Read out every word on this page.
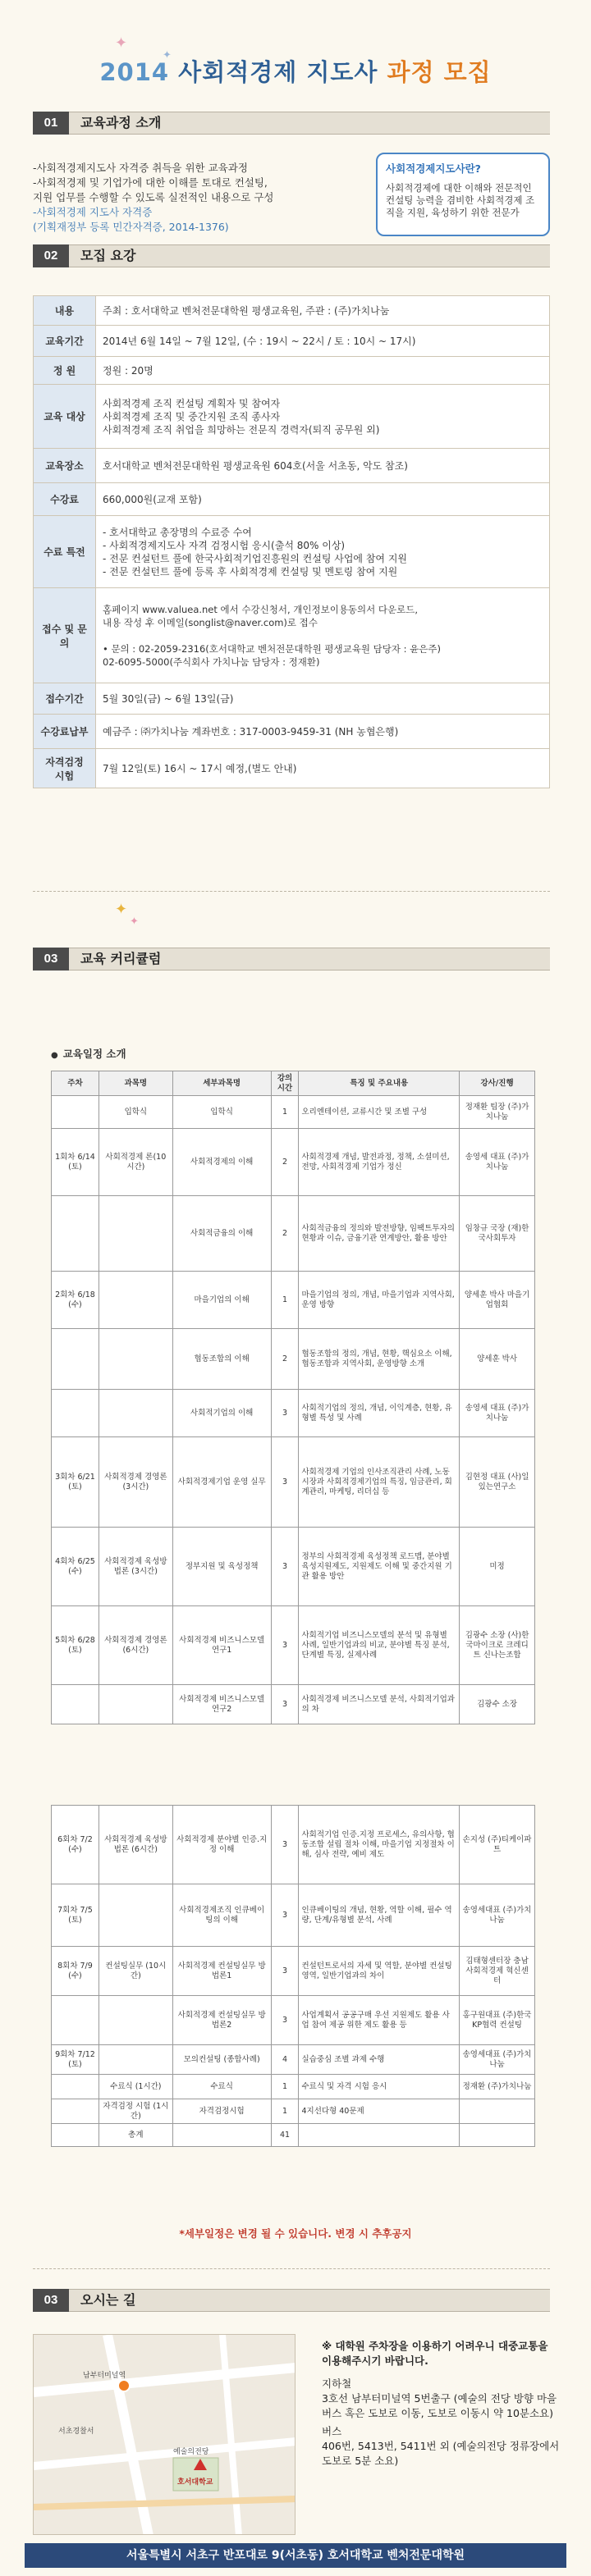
✦
✦
✦
✦
2014 사회적경제 지도사 과정 모집
01	교육과정 소개
-사회적경제지도사 자격증 취득을 위한 교육과정
-사회적경제 및 기업가에 대한 이해를 토대로 컨설팅,
지원 업무를 수행할 수 있도록 실전적인 내용으로 구성
-사회적경제 지도사 자격증
(기획재정부 등록 민간자격증, 2014-1376)
사회적경제지도사란?
사회적경제에 대한 이해와 전문적인 컨설팅 능력을 겸비한 사회적경제 조직을 지원, 육성하기 위한 전문가
02	모집 요강
내용	주최 : 호서대학교 벤처전문대학원 평생교육원, 주관 : (주)가치나눔
교육기간	2014년 6월 14일 ~ 7월 12일, (수 : 19시 ~ 22시 / 토 : 10시 ~ 17시)
정 원	정원 : 20명
교육 대상	사회적경제 조직 컨설팅 계획자 및 참여자
사회적경제 조직 및 중간지원 조직 종사자
사회적경제 조직 취업을 희망하는 전문직 경력자(퇴직 공무원 외)
교육장소	호서대학교 벤처전문대학원 평생교육원 604호(서울 서초동, 악도 참조)
수강료	660,000원(교재 포함)
수료 특전	- 호서대학교 총장명의 수료증 수여
- 사회적경제지도사 자격 검정시험 응시(출석 80% 이상)
- 전문 컨설턴트 풀에 한국사회적기업진흥원의 컨설팅 사업에 참여 지원
- 전문 컨설턴트 풀에 등록 후 사회적경제 컨설팅 및 멘토링 참여 지원
접수 및 문의	홈페이지 www.valuea.net 에서 수강신청서, 개인정보이용동의서 다운로드,
내용 작성 후 이메일(songlist@naver.com)로 접수

• 문의 : 02-2059-2316(호서대학교 벤처전문대학원 평생교육원 담당자 : 윤은주)
02-6095-5000(주식회사 가치나눔 담당자 : 정재환)
접수기간	5월 30일(금) ~ 6월 13일(금)
수강료납부	예금주 : ㈜가치나눔 계좌번호 : 317-0003-9459-31 (NH 농협은행)
자격검정 시험	7월 12일(토) 16시 ~ 17시 예정,(별도 안내)
03	교육 커리큘럼
● 교육일정 소개
주차	과목명	세부과목명	강의 시간	특징 및 주요내용	강사/진행
	입학식	입학식	1	오리엔테이션, 교류시간 및 조별 구성	정재환 팀장 (주)가치나눔
1회차 6/14 (토)	사회적경제 론(10시간)	사회적경제의 이해	2	사회적경제 개념, 발전과정, 정책, 소셜미션, 전망, 사회적경제 기업가 정신	송영세 대표 (주)가치나눔
		사회적금융의 이해	2	사회적금융의 정의와 발전방향, 임팩트투자의 현황과 이슈, 금융기관 연계방안, 활용 방안	임창규 국장 (재)한국사회투자
2회차 6/18 (수)		마을기업의 이해	1	마을기업의 정의, 개념, 마을기업과 지역사회, 운영 방향	양세훈 박사 마을기업협회
		협동조합의 이해	2	협동조합의 정의, 개념, 현황, 핵심요소 이해, 협동조합과 지역사회, 운영방향 소개	양세훈 박사
		사회적기업의 이해	3	사회적기업의 정의, 개념, 이익계층, 현황, 유형별 특성 및 사례	송영세 대표 (주)가치나눔
3회차 6/21 (토)	사회적경제 경영론 (3시간)	사회적경제기업 운영 실무	3	사회적경제 기업의 인사조직관리 사례, 노동시장과 사회적경제기업의 특징, 임금관리, 회계관리, 마케팅, 리더십 등	김현정 대표 (사)일있는연구소
4회차 6/25 (수)	사회적경제 육성방법론 (3시간)	정부지원 및 육성정책	3	정부의 사회적경제 육성정책 로드맵, 분야별 육성지원제도, 지원제도 이해 및 중간지원 기관 활용 방안	미정
5회차 6/28 (토)	사회적경제 경영론 (6시간)	사회적경제 비즈니스모델연구1	3	사회적기업 비즈니스모델의 분석 및 유형별 사례, 일반기업과의 비교, 분야별 특징 분석, 단계별 특징, 실제사례	김광수 소장 (사)한국마이크로 크레디트 신나는조합
		사회적경제 비즈니스모델연구2	3	사회적경제 비즈니스모델 분석, 사회적기업과의 차	김광수 소장
6회차 7/2 (수)	사회적경제 육성방법론 (6시간)	사회적경제 분야별 인증.지정 이해	3	사회적기업 인증.지정 프로세스, 유의사항, 협동조합 설립 절차 이해, 마을기업 지정절차 이해, 심사 전략, 예비 제도	손지성 (주)티케이파트
7회차 7/5 (토)		사회적경제조직 인큐베이팅의 이해	3	인큐베이팅의 개념, 현황, 역할 이해, 필수 역량, 단계/유형별 분석, 사례	송영세대표 (주)가치나눔
8회차 7/9 (수)	컨설팅실무 (10시간)	사회적경제 컨설팅실무 방법론1	3	컨설턴트로서의 자세 및 역할, 분야별 컨설팅 영역, 일반기업과의 차이	김태형센터장 충남사회적경제 혁신센터
		사회적경제 컨설팅실무 방법론2	3	사업계획서 공공구매 우선 지원제도 활용 사업 참여 제공 위한 제도 활용 등	홍구원대표 (주)한국KP협력 컨설팅
9회차 7/12 (토)		모의컨설팅 (종합사례)	4	실습중심 조별 과제 수행	송영세대표 (주)가치나눔
	수료식 (1시간)	수료식	1	수료식 및 자격 시험 응시	정재환 (주)가치나눔
	자격검정 시험 (1시간)	자격검정시험	1	4지선다형 40문제	
	총계		41		
*세부일정은 변경 될 수 있습니다. 변경 시 추후공지
03	오시는 길
남부터미널역
예술의전당
서초경찰서
호서대학교
※ 대학원 주차장을 이용하기 어려우니 대중교통을 이용해주시기 바랍니다.
지하철
3호선 남부터미널역 5번출구 (예술의 전당 방향 마을버스 혹은 도보로 이동, 도보로 이동시 약 10분소요)
버스
406번, 5413번, 5411번 외 (예술의전당 정류장에서 도보로 5분 소요)
서울특별시 서초구 반포대로 9(서초동) 호서대학교 벤처전문대학원
